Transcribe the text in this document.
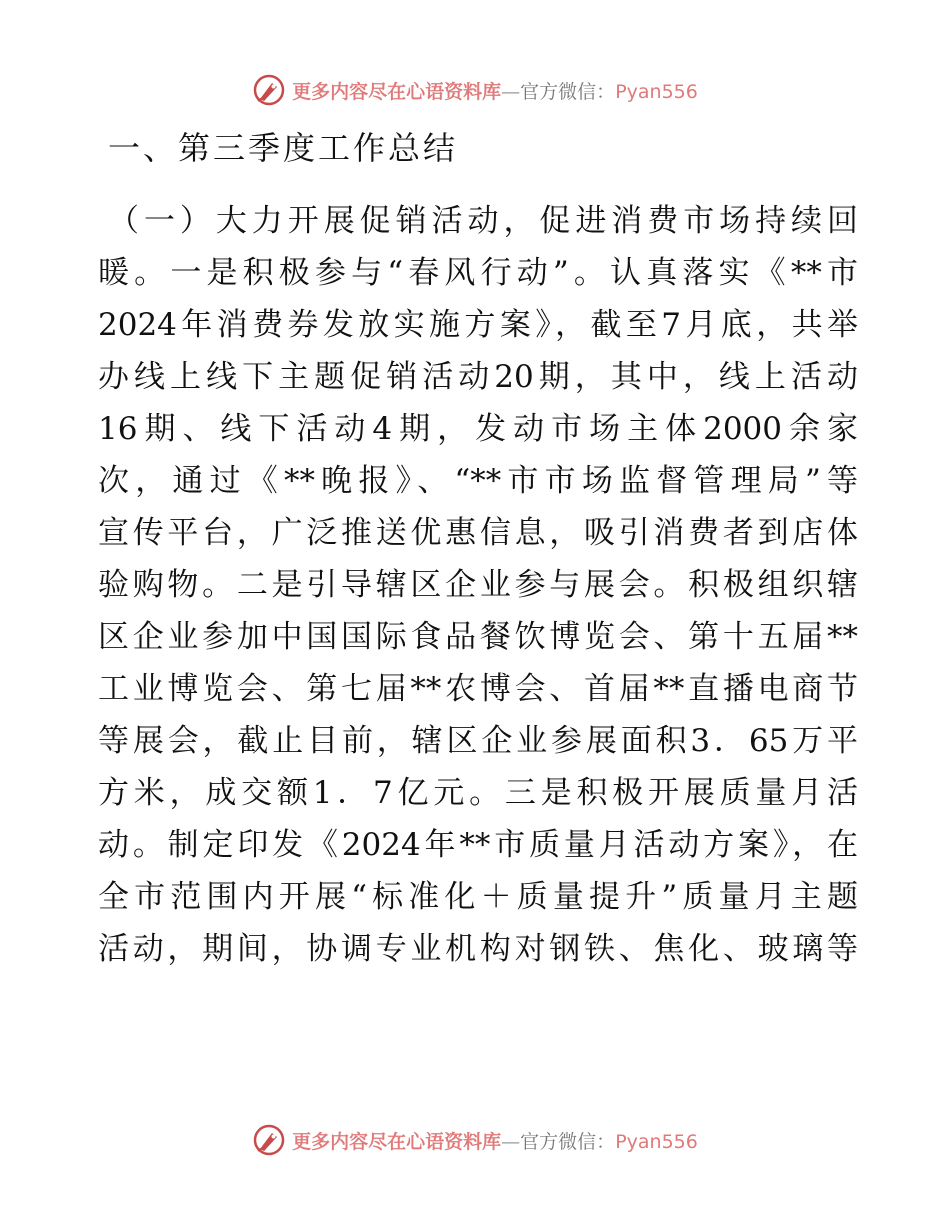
更多内容尽在心语资料库—官方微信：Pyan556
一、第三季度工作总结
（一）大力开展促销活动，促进消费市场持续回
暖。一是积极参与“春风行动”。认真落实《**市
2024年消费券发放实施方案》，截至7月底，共举
办线上线下主题促销活动20期，其中，线上活动
16期、线下活动4期，发动市场主体2000余家
次，通过《**晚报》、“**市市场监督管理局”等
宣传平台，广泛推送优惠信息，吸引消费者到店体
验购物。二是引导辖区企业参与展会。积极组织辖
区企业参加中国国际食品餐饮博览会、第十五届**
工业博览会、第七届**农博会、首届**直播电商节
等展会，截止目前，辖区企业参展面积3．65万平
方米，成交额1．7亿元。三是积极开展质量月活
动。制定印发《2024年**市质量月活动方案》，在
全市范围内开展“标准化＋质量提升”质量月主题
活动，期间，协调专业机构对钢铁、焦化、玻璃等
更多内容尽在心语资料库—官方微信：Pyan556
